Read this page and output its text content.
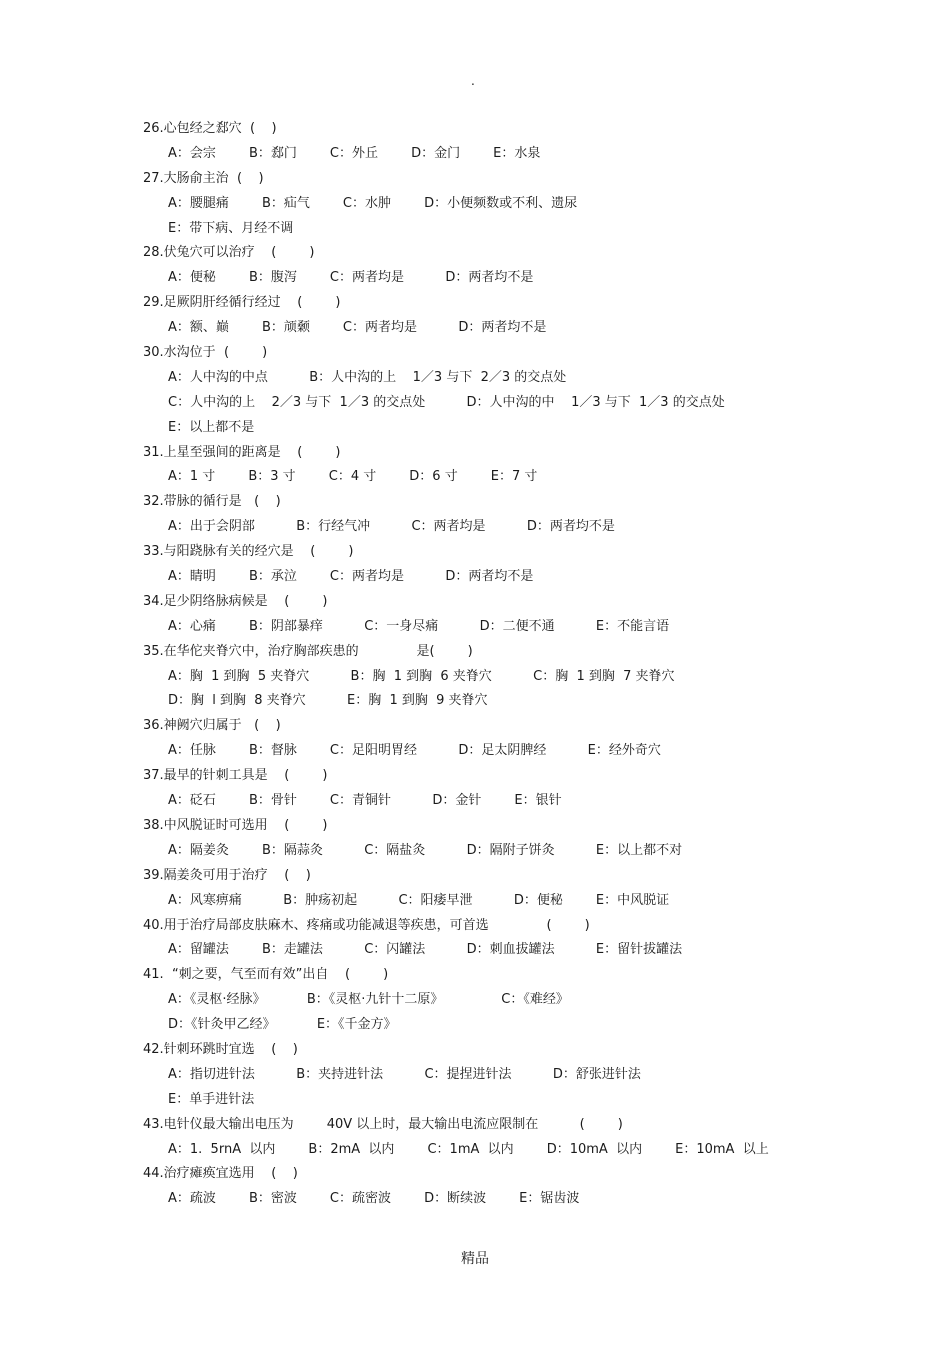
.
26.心包经之郄穴  (    )
A：会宗        B：郄门        C：外丘        D：金门        E：水泉
27.大肠俞主治  (    )
A：腰腿痛        B：疝气        C：水肿        D：小便频数或不利、遗尿
E：带下病、月经不调
28.伏兔穴可以治疗    (        )
A：便秘        B：腹泻        C：两者均是          D：两者均不是
29.足厥阴肝经循行经过    (        )
A：额、巅        B：颃颡        C：两者均是          D：两者均不是
30.水沟位于  (        )
A：人中沟的中点          B：人中沟的上    1／3 与下  2／3 的交点处
C：人中沟的上    2／3 与下  1／3 的交点处          D：人中沟的中    1／3 与下  1／3 的交点处
E：以上都不是
31.上星至强间的距离是    (        )
A：1 寸        B：3 寸        C：4 寸        D：6 寸        E：7 寸
32.带脉的循行是   (    )
A：出于会阴部          B：行经气冲          C：两者均是          D：两者均不是
33.与阳跷脉有关的经穴是    (        )
A：睛明        B：承泣        C：两者均是          D：两者均不是
34.足少阴络脉病候是    (        )
A：心痛        B：阴部暴痒          C：一身尽痛          D：二便不通          E：不能言语
35.在华佗夹脊穴中，治疗胸部疾患的              是(        )
A：胸  1 到胸  5 夹脊穴          B：胸  1 到胸  6 夹脊穴          C：胸  1 到胸  7 夹脊穴
D：胸  l 到胸  8 夹脊穴          E：胸  1 到胸  9 夹脊穴
36.神阙穴归属于   (    )
A：任脉        B：督脉        C：足阳明胃经          D：足太阴脾经          E：经外奇穴
37.最早的针刺工具是    (        )
A：砭石        B：骨针        C：青铜针          D：金针        E：银针
38.中风脱证时可选用    (        )
A：隔姜灸        B：隔蒜灸          C：隔盐灸          D：隔附子饼灸          E：以上都不对
39.隔姜灸可用于治疗    (    )
A：风寒痹痛          B：肿疡初起          C：阳痿早泄          D：便秘        E：中风脱证
40.用于治疗局部皮肤麻木、疼痛或功能减退等疾患，可首选              (        )
A：留罐法        B：走罐法          C：闪罐法          D：刺血拔罐法          E：留针拔罐法
41.  “刺之要，气至而有效”出自    (        )
A：《灵枢·经脉》          B：《灵枢·九针十二原》              C：《难经》
D：《针灸甲乙经》          E：《千金方》
42.针刺环跳时宜选    (    )
A：指切进针法          B：夹持进针法          C：提捏进针法          D：舒张进针法
E：单手进针法
43.电针仪最大输出电压为        40V 以上时，最大输出电流应限制在          (        )
A：1.  5rnA  以内        B：2mA  以内        C：1mA  以内        D：10mA  以内        E：10mA  以上
44.治疗瘫痪宜选用    (    )
A：疏波        B：密波        C：疏密波        D：断续波        E：锯齿波
精品
